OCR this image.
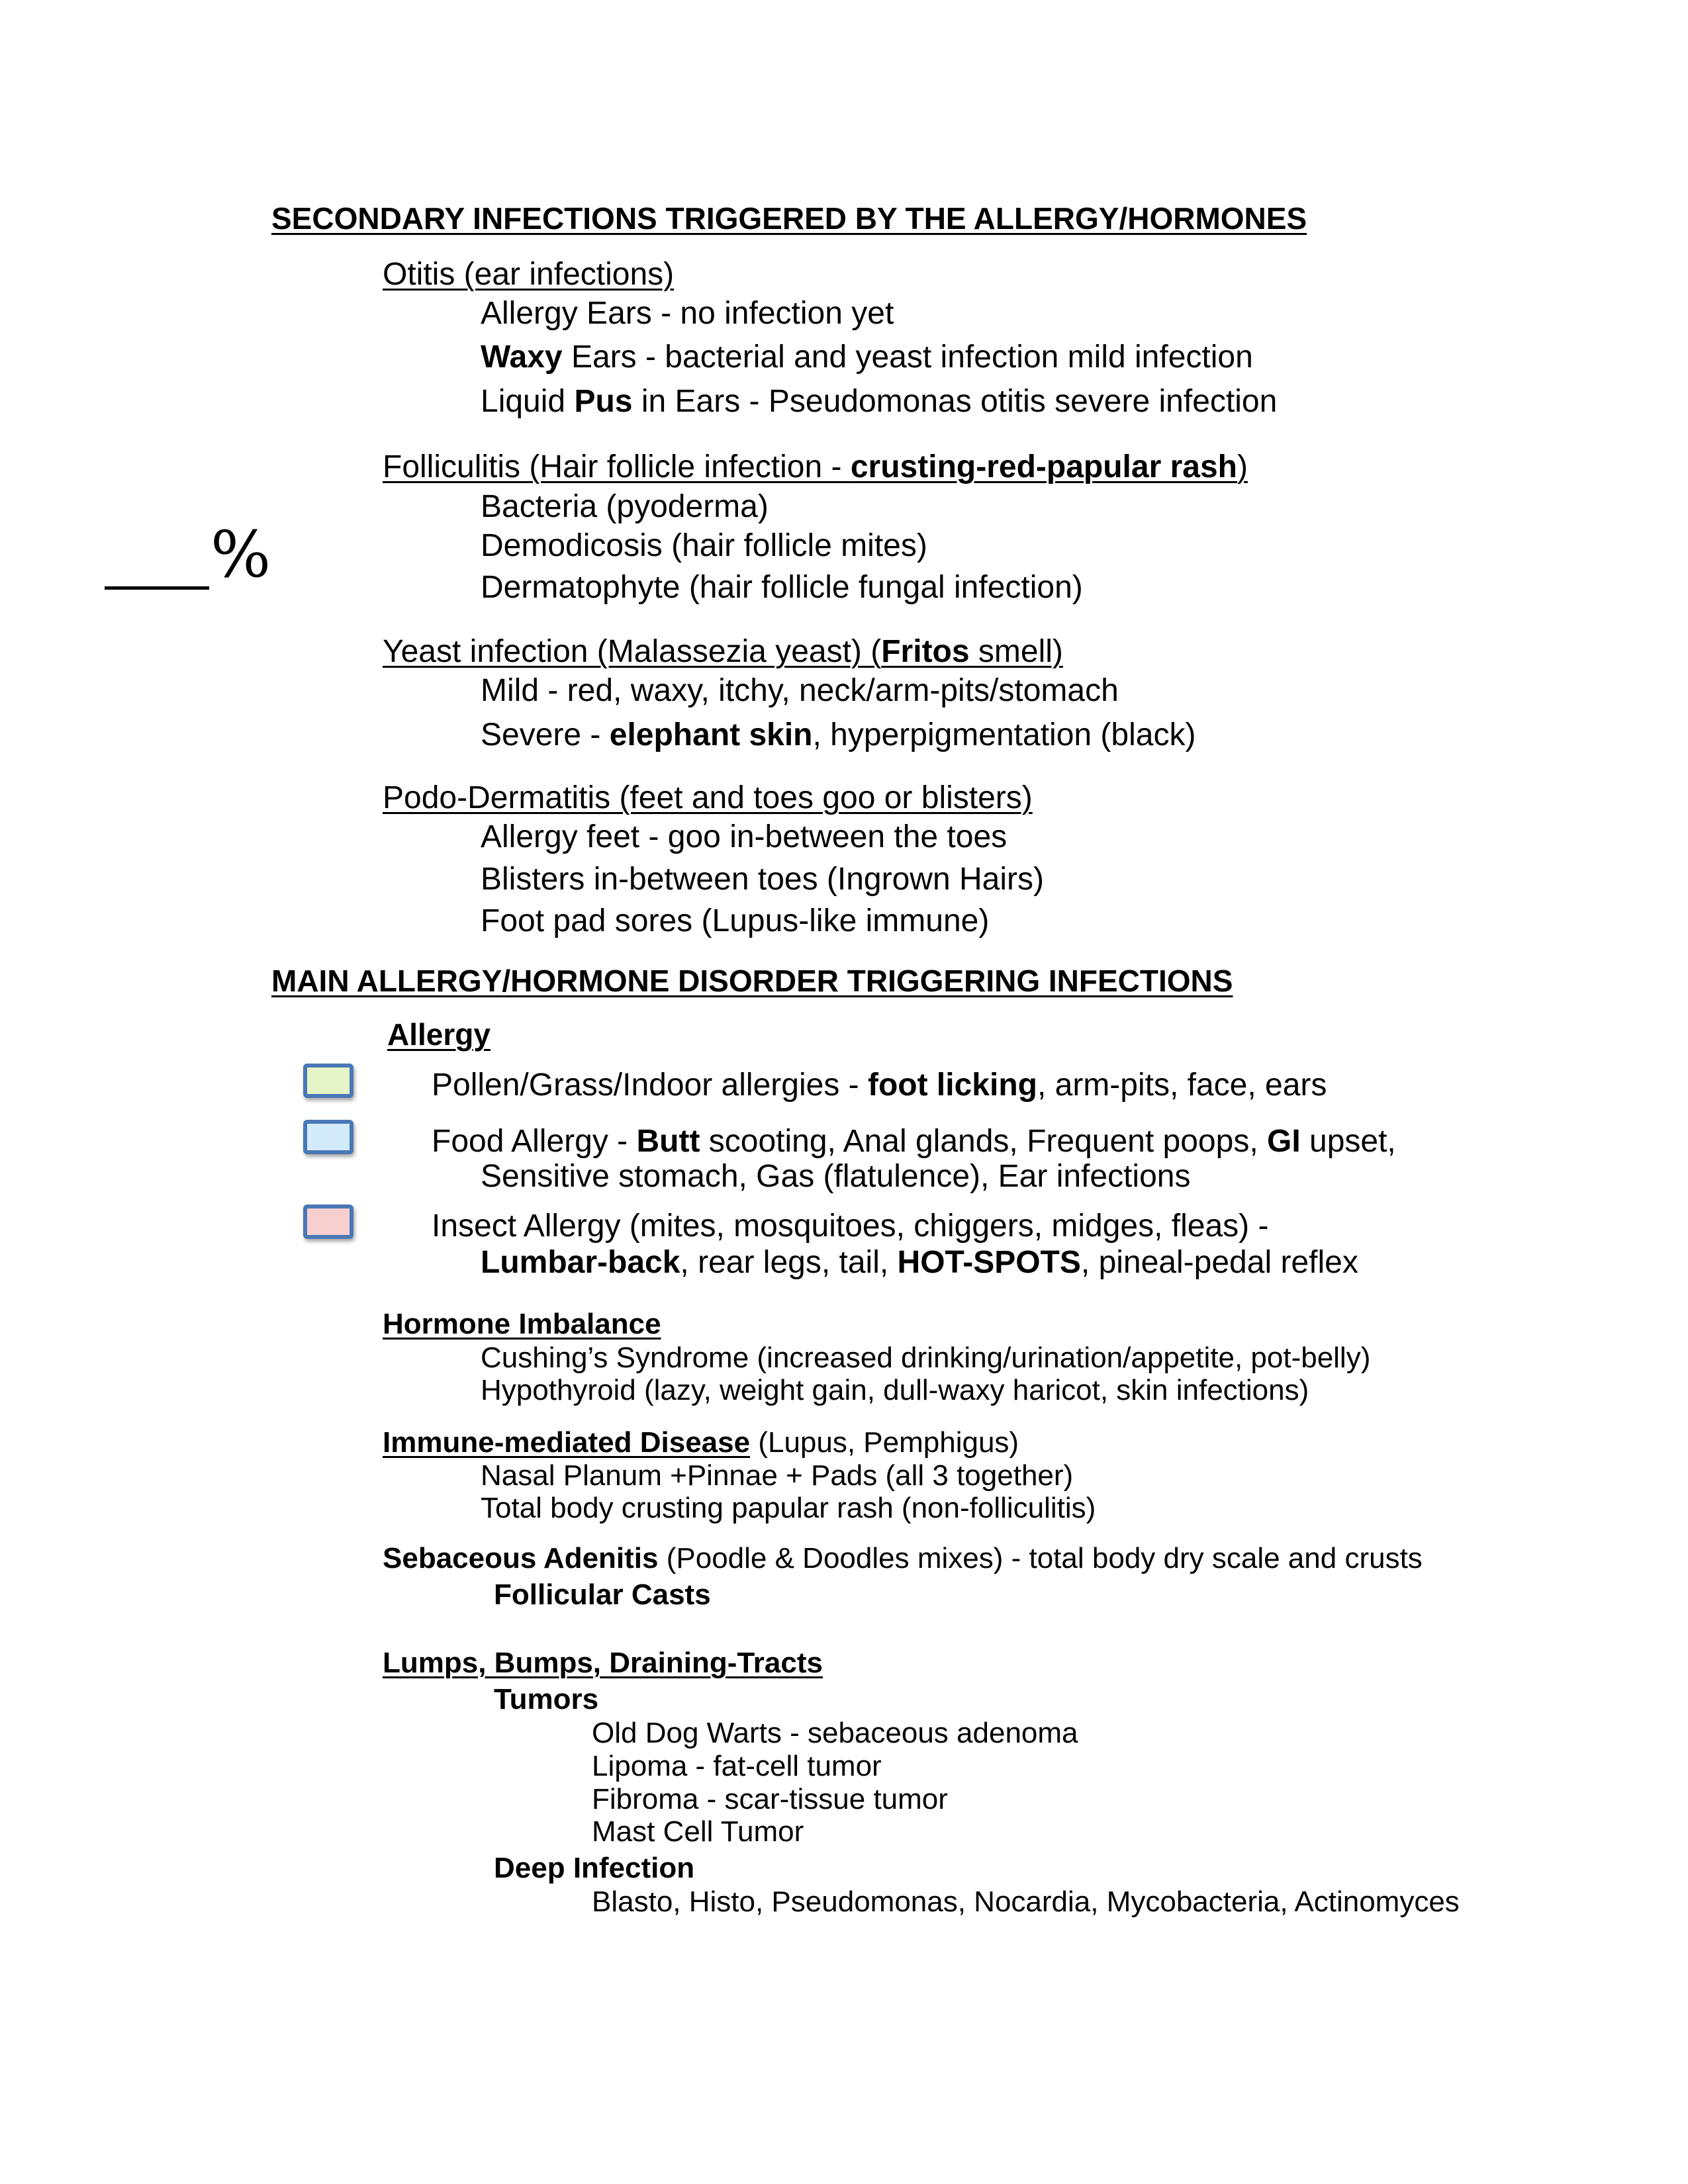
SECONDARY INFECTIONS TRIGGERED BY THE ALLERGY/HORMONES
Otitis (ear infections)
Allergy Ears - no infection yet
Waxy Ears - bacterial and yeast infection mild infection
Liquid Pus in Ears - Pseudomonas otitis severe infection
Folliculitis (Hair follicle infection - crusting-red-papular rash)
Bacteria (pyoderma)
Demodicosis (hair follicle mites)
Dermatophyte (hair follicle fungal infection)
%
Yeast infection (Malassezia yeast) (Fritos smell)
Mild - red, waxy, itchy, neck/arm-pits/stomach
Severe - elephant skin, hyperpigmentation (black)
Podo-Dermatitis (feet and toes goo or blisters)
Allergy feet - goo in-between the toes
Blisters in-between toes (Ingrown Hairs)
Foot pad sores (Lupus-like immune)
MAIN ALLERGY/HORMONE DISORDER TRIGGERING INFECTIONS
Allergy
Pollen/Grass/Indoor allergies - foot licking, arm-pits, face, ears
Food Allergy - Butt scooting, Anal glands, Frequent poops, GI upset,
Sensitive stomach, Gas (flatulence), Ear infections
Insect Allergy (mites, mosquitoes, chiggers, midges, fleas) -
Lumbar-back, rear legs, tail, HOT-SPOTS, pineal-pedal reflex
Hormone Imbalance
Cushing’s Syndrome (increased drinking/urination/appetite, pot-belly)
Hypothyroid (lazy, weight gain, dull-waxy haricot, skin infections)
Immune-mediated Disease (Lupus, Pemphigus)
Nasal Planum +Pinnae + Pads (all 3 together)
Total body crusting papular rash (non-folliculitis)
Sebaceous Adenitis (Poodle & Doodles mixes) - total body dry scale and crusts
Follicular Casts
Lumps, Bumps, Draining-Tracts
Tumors
Old Dog Warts - sebaceous adenoma
Lipoma - fat-cell tumor
Fibroma - scar-tissue tumor
Mast Cell Tumor
Deep Infection
Blasto, Histo, Pseudomonas, Nocardia, Mycobacteria, Actinomyces
